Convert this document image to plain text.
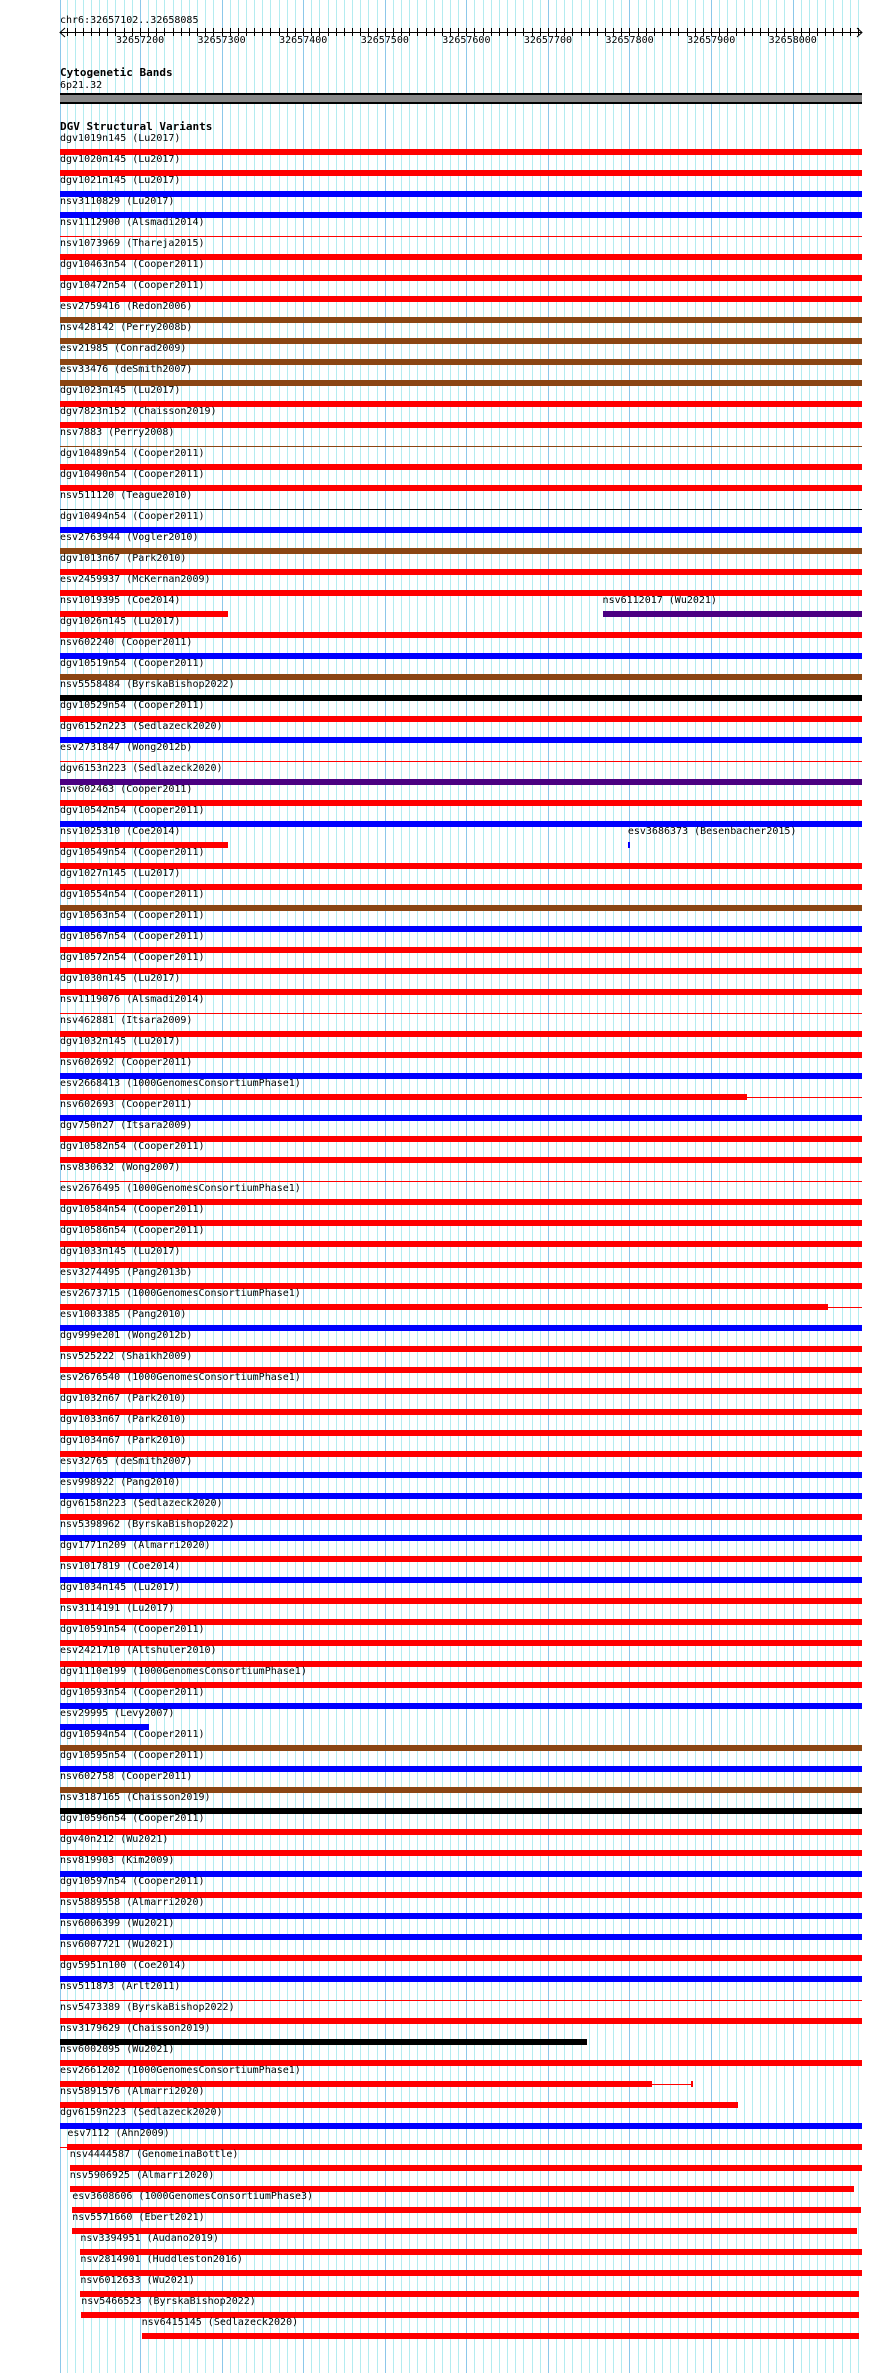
chr6:32657102..32658085
32657200	32657300	32657400	32657500	32657600	32657700	32657800	32657900	32658000
Cytogenetic Bands
6p21.32
DGV Structural Variants
dgv1019n145 (Lu2017)
dgv1020n145 (Lu2017)
dgv1021n145 (Lu2017)
nsv3110829 (Lu2017)
nsv1112900 (Alsmadi2014)
nsv1073969 (Thareja2015)
dgv10463n54 (Cooper2011)
dgv10472n54 (Cooper2011)
esv2759416 (Redon2006)
nsv428142 (Perry2008b)
esv21985 (Conrad2009)
esv33476 (deSmith2007)
dgv1023n145 (Lu2017)
dgv7823n152 (Chaisson2019)
nsv7883 (Perry2008)
dgv10489n54 (Cooper2011)
dgv10490n54 (Cooper2011)
nsv511120 (Teague2010)
dgv10494n54 (Cooper2011)
esv2763944 (Vogler2010)
dgv1013n67 (Park2010)
esv2459937 (McKernan2009)
nsv1019395 (Coe2014)	nsv6112017 (Wu2021)
dgv1026n145 (Lu2017)
nsv602240 (Cooper2011)
dgv10519n54 (Cooper2011)
nsv5558484 (ByrskaBishop2022)
dgv10529n54 (Cooper2011)
dgv6152n223 (Sedlazeck2020)
esv2731847 (Wong2012b)
dgv6153n223 (Sedlazeck2020)
nsv602463 (Cooper2011)
dgv10542n54 (Cooper2011)
nsv1025310 (Coe2014)	esv3686373 (Besenbacher2015)
dgv10549n54 (Cooper2011)
dgv1027n145 (Lu2017)
dgv10554n54 (Cooper2011)
dgv10563n54 (Cooper2011)
dgv10567n54 (Cooper2011)
dgv10572n54 (Cooper2011)
dgv1030n145 (Lu2017)
nsv1119076 (Alsmadi2014)
nsv462881 (Itsara2009)
dgv1032n145 (Lu2017)
nsv602692 (Cooper2011)
esv2668413 (1000GenomesConsortiumPhase1)
nsv602693 (Cooper2011)
dgv750n27 (Itsara2009)
dgv10582n54 (Cooper2011)
nsv830632 (Wong2007)
esv2676495 (1000GenomesConsortiumPhase1)
dgv10584n54 (Cooper2011)
dgv10586n54 (Cooper2011)
dgv1033n145 (Lu2017)
esv3274495 (Pang2013b)
esv2673715 (1000GenomesConsortiumPhase1)
esv1003385 (Pang2010)
dgv999e201 (Wong2012b)
nsv525222 (Shaikh2009)
esv2676540 (1000GenomesConsortiumPhase1)
dgv1032n67 (Park2010)
dgv1033n67 (Park2010)
dgv1034n67 (Park2010)
esv32765 (deSmith2007)
esv998922 (Pang2010)
dgv6158n223 (Sedlazeck2020)
nsv5398962 (ByrskaBishop2022)
dgv1771n209 (Almarri2020)
nsv1017819 (Coe2014)
dgv1034n145 (Lu2017)
nsv3114191 (Lu2017)
dgv10591n54 (Cooper2011)
esv2421710 (Altshuler2010)
dgv1110e199 (1000GenomesConsortiumPhase1)
dgv10593n54 (Cooper2011)
esv29995 (Levy2007)
dgv10594n54 (Cooper2011)
dgv10595n54 (Cooper2011)
nsv602758 (Cooper2011)
nsv3187165 (Chaisson2019)
dgv10596n54 (Cooper2011)
dgv40n212 (Wu2021)
nsv819903 (Kim2009)
dgv10597n54 (Cooper2011)
nsv5889558 (Almarri2020)
nsv6006399 (Wu2021)
nsv6007721 (Wu2021)
dgv5951n100 (Coe2014)
nsv511873 (Arlt2011)
nsv5473389 (ByrskaBishop2022)
nsv3179629 (Chaisson2019)
nsv6002095 (Wu2021)
esv2661202 (1000GenomesConsortiumPhase1)
nsv5891576 (Almarri2020)
dgv6159n223 (Sedlazeck2020)
esv7112 (Ahn2009)
nsv4444587 (GenomeinaBottle)
nsv5906925 (Almarri2020)
esv3608606 (1000GenomesConsortiumPhase3)
nsv5571660 (Ebert2021)
nsv3394951 (Audano2019)
nsv2814901 (Huddleston2016)
nsv6012633 (Wu2021)
nsv5466523 (ByrskaBishop2022)
nsv6415145 (Sedlazeck2020)
